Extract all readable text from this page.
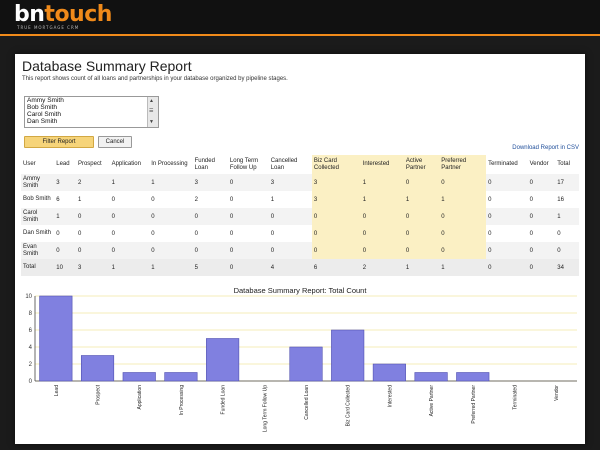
bntouch
TRUE MORTGAGE CRM
Database Summary Report
This report shows count of all loans and partnerships in your database organized by pipeline stages.
Ammy Smith
Bob Smith
Carol Smith
Dan Smith
▲
☰
▼
Filter Report	Cancel
Download Report in CSV
User	Lead	Prospect	Application	In Processing	Funded Loan	Long Term Follow Up	Cancelled Loan	Biz Card Collected	Interested	Active Partner	Preferred Partner	Terminated	Vendor	Total
Ammy Smith	3	2	1	1	3	0	3	3	1	0	0	0	0	17
Bob Smith	6	1	0	0	2	0	1	3	1	1	1	0	0	16
Carol Smith	1	0	0	0	0	0	0	0	0	0	0	0	0	1
Dan Smith	0	0	0	0	0	0	0	0	0	0	0	0	0	0
Evan Smith	0	0	0	0	0	0	0	0	0	0	0	0	0	0
Total	10	3	1	1	5	0	4	6	2	1	1	0	0	34
Database Summary Report: Total Count
0
2
4
6
8
10
Lead	Prospect	Application	In Processing	Funded Loan	Long Term Follow Up	Cancelled Loan	Biz Card Collected	Interested	Active Partner	Preferred Partner	Terminated	Vendor
